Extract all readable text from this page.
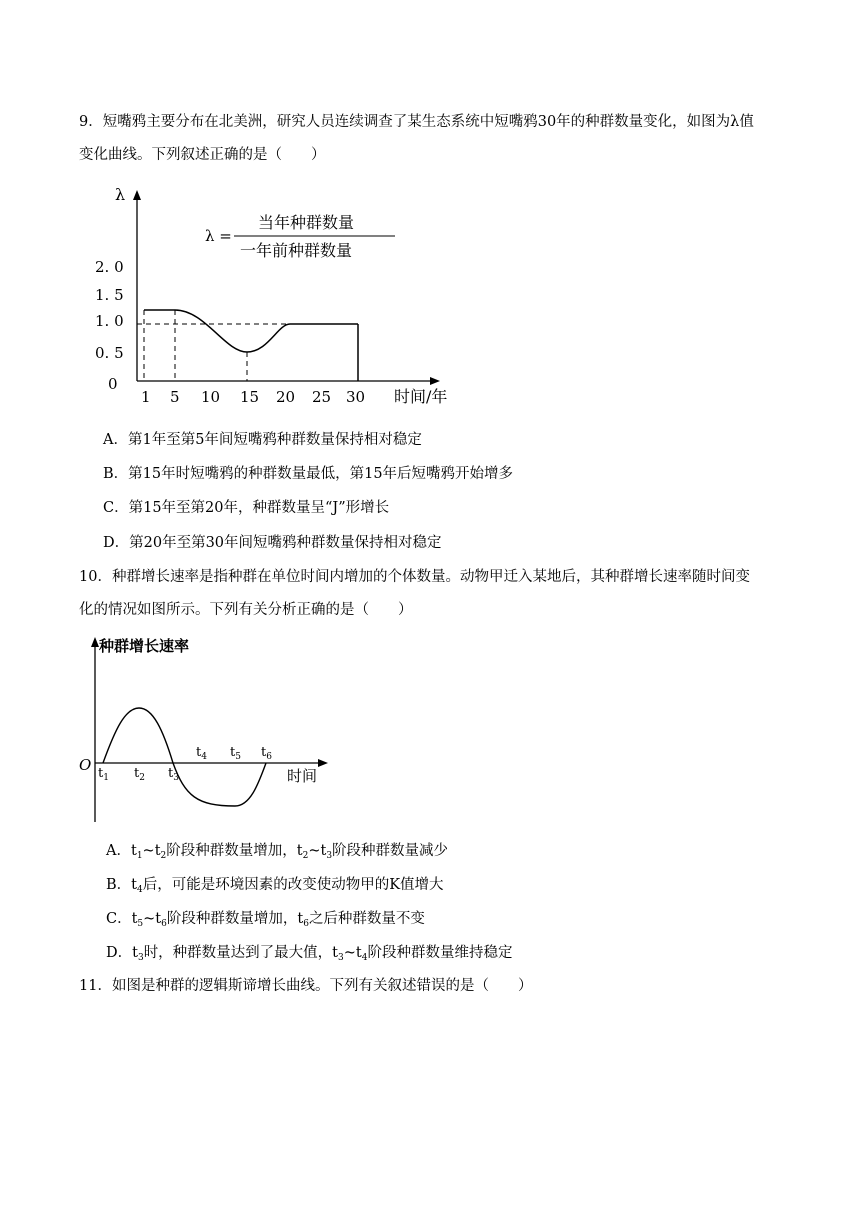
9．短嘴鸦主要分布在北美洲，研究人员连续调查了某生态系统中短嘴鸦30年的种群数量变化，如图为λ值
变化曲线。下列叙述正确的是（　　）
λ
λ =
当年种群数量
一年前种群数量
2. 0
1. 5
1. 0
0. 5
0
1 5 10 15 20 25 30 时间/年
A．第1年至第5年间短嘴鸦种群数量保持相对稳定
B．第15年时短嘴鸦的种群数量最低，第15年后短嘴鸦开始增多
C．第15年至第20年，种群数量呈“J”形增长
D．第20年至第30年间短嘴鸦种群数量保持相对稳定
10．种群增长速率是指种群在单位时间内增加的个体数量。动物甲迁入某地后，其种群增长速率随时间变
化的情况如图所示。下列有关分析正确的是（　　）
种群增长速率
O
时间
$t_1$ $t_2$ $t_3$
$t_4$ $t_5$ $t_6$
A．$t_1\sim t_2$阶段种群数量增加，$t_2\sim t_3$阶段种群数量减少
B．$t_4$后，可能是环境因素的改变使动物甲的K值增大
C．$t_5\sim t_6$阶段种群数量增加，$t_6$之后种群数量不变
D．$t_3$时，种群数量达到了最大值，$t_3\sim t_4$阶段种群数量维持稳定
11．如图是种群的逻辑斯谛增长曲线。下列有关叙述错误的是（　　）
